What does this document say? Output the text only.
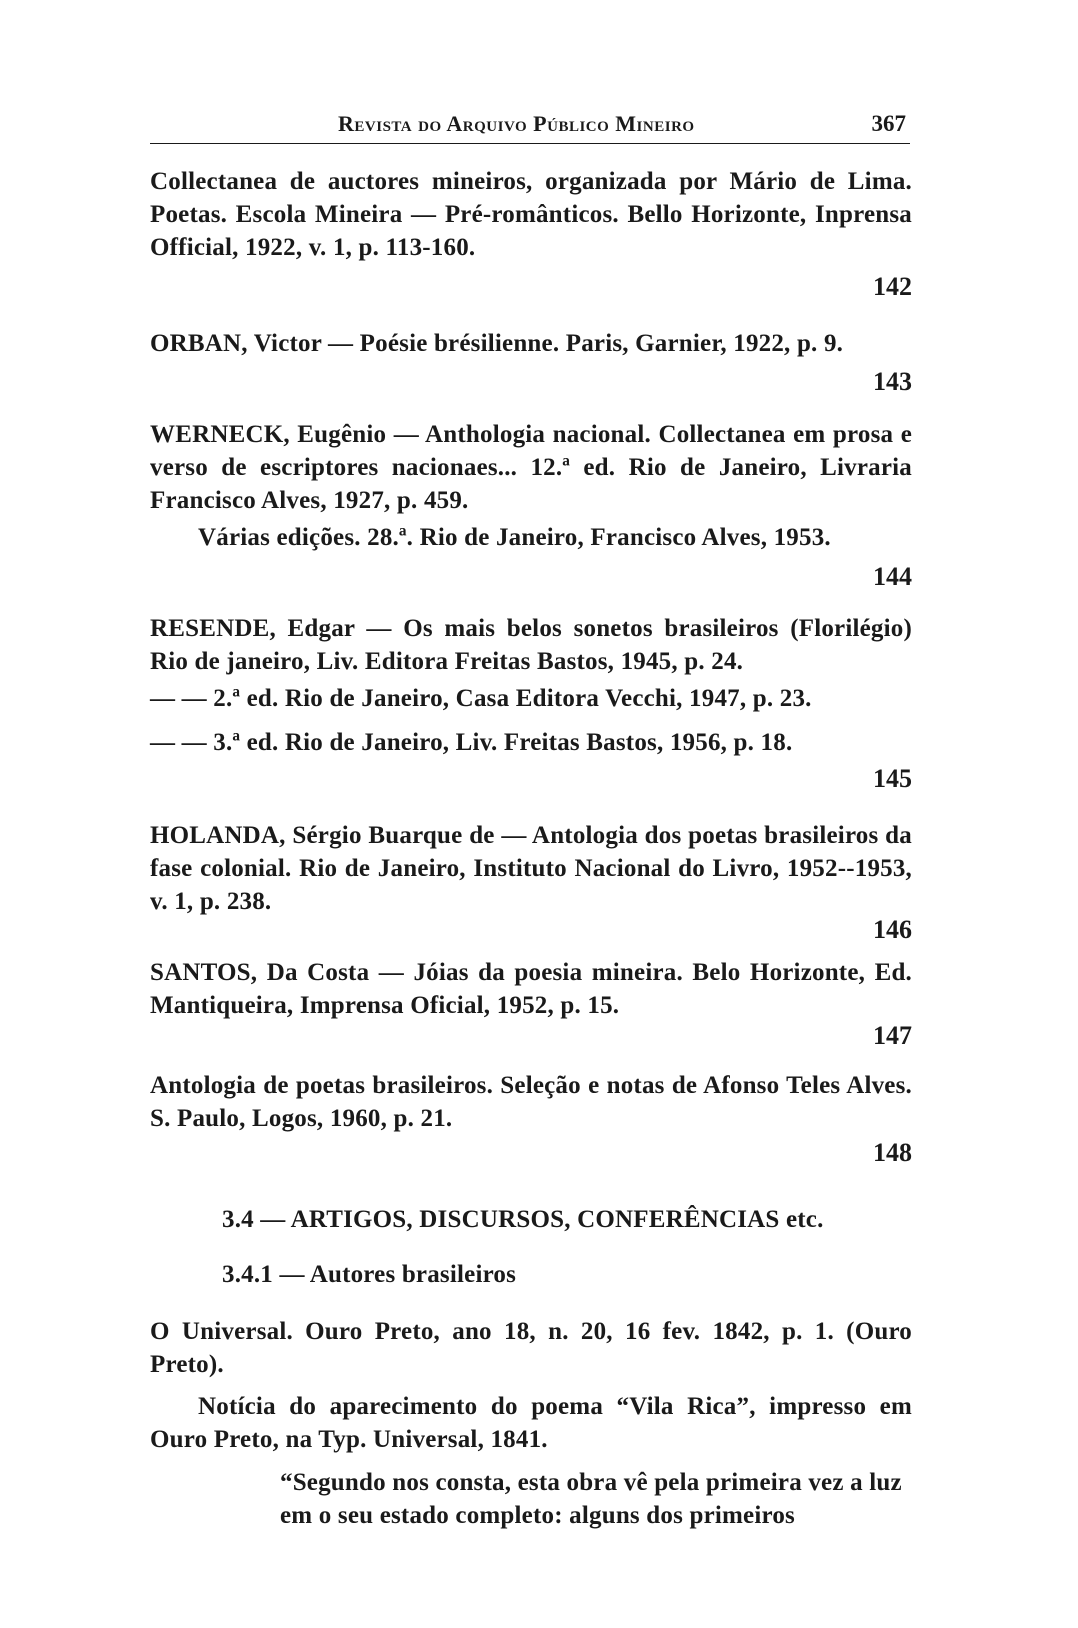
Revista do Arquivo Público Mineiro	367
Collectanea de auctores mineiros, organizada por Mário de Lima. Poetas. Escola Mineira — Pré-românticos. Bello Horizonte, Inprensa Official, 1922, v. 1, p. 113-160.
142
ORBAN, Victor — Poésie brésilienne. Paris, Garnier, 1922, p. 9.
143
WERNECK, Eugênio — Anthologia nacional. Collectanea em prosa e verso de escriptores nacionaes... 12.ª ed. Rio de Janeiro, Livraria Francisco Alves, 1927, p. 459.
Várias edições. 28.ª. Rio de Janeiro, Francisco Alves, 1953.
144
RESENDE, Edgar — Os mais belos sonetos brasileiros (Florilégio) Rio de janeiro, Liv. Editora Freitas Bastos, 1945, p. 24.
— — 2.ª ed. Rio de Janeiro, Casa Editora Vecchi, 1947, p. 23.
— — 3.ª ed. Rio de Janeiro, Liv. Freitas Bastos, 1956, p. 18.
145
HOLANDA, Sérgio Buarque de — Antologia dos poetas brasileiros da fase colonial. Rio de Janeiro, Instituto Nacional do Livro, 1952--1953, v. 1, p. 238.
146
SANTOS, Da Costa — Jóias da poesia mineira. Belo Horizonte, Ed. Mantiqueira, Imprensa Oficial, 1952, p. 15.
147
Antologia de poetas brasileiros. Seleção e notas de Afonso Teles Alves. S. Paulo, Logos, 1960, p. 21.
148
3.4 — ARTIGOS, DISCURSOS, CONFERÊNCIAS etc.
3.4.1 — Autores brasileiros
O Universal. Ouro Preto, ano 18, n. 20, 16 fev. 1842, p. 1. (Ouro Preto).
Notícia do aparecimento do poema “Vila Rica”, impresso em Ouro Preto, na Typ. Universal, 1841.
“Segundo nos consta, esta obra vê pela primeira vez a luz em o seu estado completo: alguns dos primeiros
